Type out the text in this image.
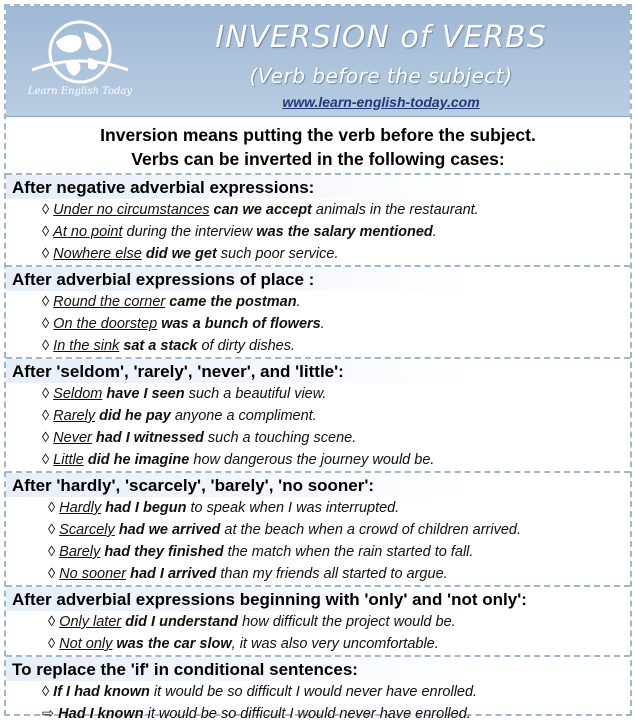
Learn English Today
INVERSION of VERBS
(Verb before the subject)
www.learn-english-today.com
Inversion means putting the verb before the subject.
Verbs can be inverted in the following cases:
After negative adverbial expressions:
◊ Under no circumstances can we accept animals in the restaurant.
◊ At no point during the interview was the salary mentioned.
◊ Nowhere else did we get such poor service.
After adverbial expressions of place :
◊ Round the corner came the postman.
◊ On the doorstep was a bunch of flowers.
◊ In the sink sat a stack of dirty dishes.
After 'seldom', 'rarely', 'never', and 'little':
◊ Seldom have I seen such a beautiful view.
◊ Rarely did he pay anyone a compliment.
◊ Never had I witnessed such a touching scene.
◊ Little did he imagine how dangerous the journey would be.
After 'hardly', 'scarcely', 'barely', 'no sooner':
◊ Hardly had I begun to speak when I was interrupted.
◊ Scarcely had we arrived at the beach when a crowd of children arrived.
◊ Barely had they finished the match when the rain started to fall.
◊ No sooner had I arrived than my friends all started to argue.
After adverbial expressions beginning with 'only' and 'not only':
◊ Only later did I understand how difficult the project would be.
◊ Not only was the car slow, it was also very uncomfortable.
To replace the 'if' in conditional sentences:
◊ If I had known it would be so difficult I would never have enrolled.
⇨ Had I known it would be so difficult I would never have enrolled.
